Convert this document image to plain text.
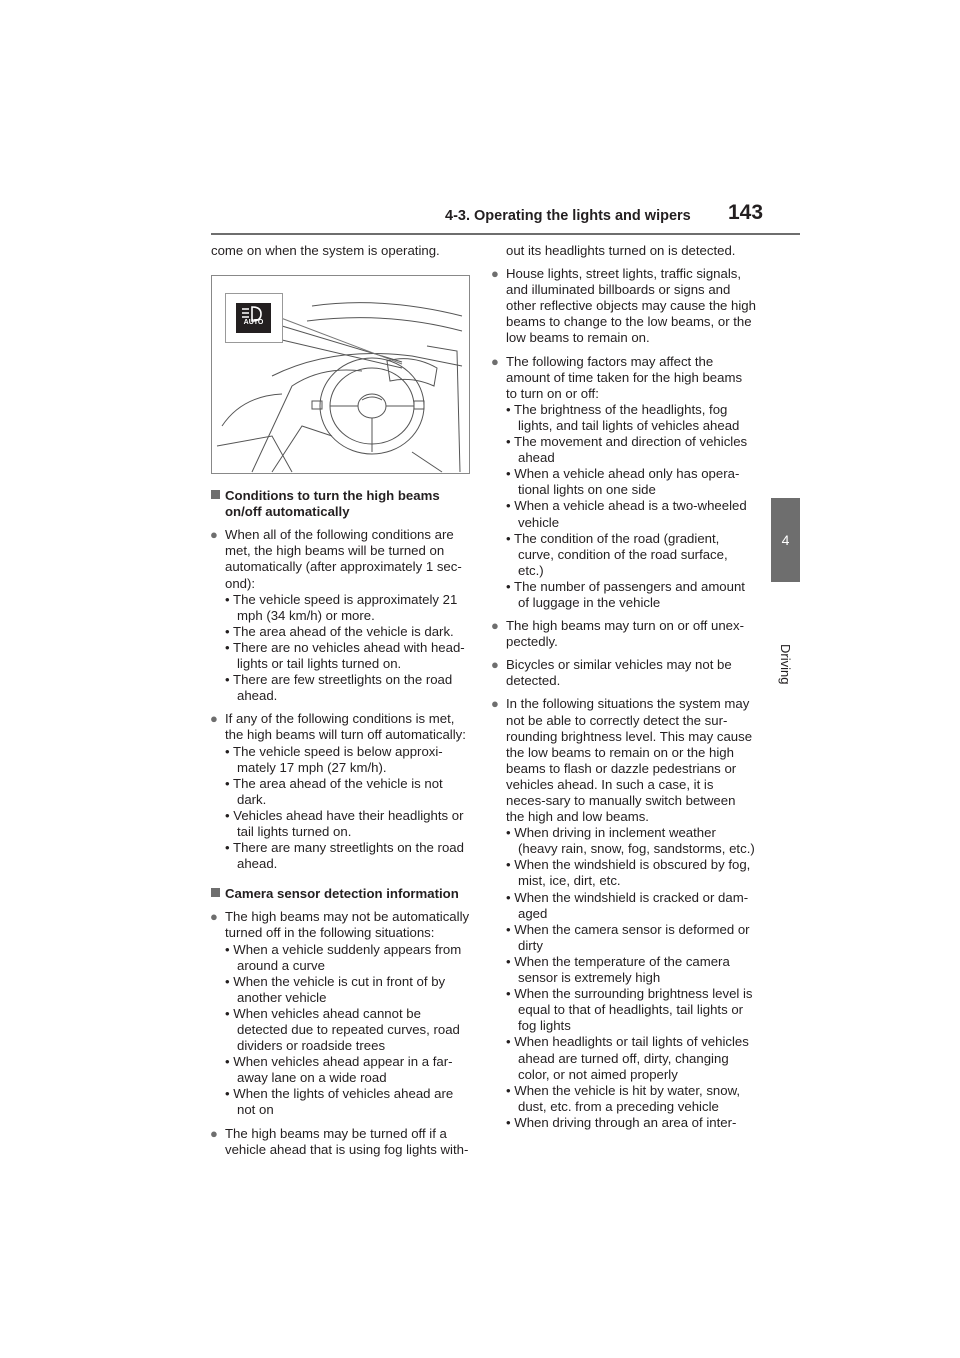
4-3. Operating the lights and wipers 143
4
Driving

come on when the system is operating.

AUTO
Conditions to turn the high beams on/off automatically
● When all of the following conditions are met, the high beams will be turned on automatically (after approximately 1 sec-ond):
• The vehicle speed is approximately 21 mph (34 km/h) or more.
• The area ahead of the vehicle is dark.
• There are no vehicles ahead with head-lights or tail lights turned on.
• There are few streetlights on the road ahead.
● If any of the following conditions is met, the high beams will turn off automatically:
• The vehicle speed is below approxi-mately 17 mph (27 km/h).
• The area ahead of the vehicle is not dark.
• Vehicles ahead have their headlights or tail lights turned on.
• There are many streetlights on the road ahead.
Camera sensor detection information
● The high beams may not be automatically turned off in the following situations:
• When a vehicle suddenly appears from around a curve
• When the vehicle is cut in front of by another vehicle
• When vehicles ahead cannot be detected due to repeated curves, road dividers or roadside trees
• When vehicles ahead appear in a far-away lane on a wide road
• When the lights of vehicles ahead are not on
● The high beams may be turned off if a vehicle ahead that is using fog lights with-

out its headlights turned on is detected.

● House lights, street lights, traffic signals, and illuminated billboards or signs and other reflective objects may cause the high beams to change to the low beams, or the low beams to remain on.
● The following factors may affect the amount of time taken for the high beams to turn on or off:
• The brightness of the headlights, fog lights, and tail lights of vehicles ahead
• The movement and direction of vehicles ahead
• When a vehicle ahead only has opera-tional lights on one side
• When a vehicle ahead is a two-wheeled vehicle
• The condition of the road (gradient, curve, condition of the road surface, etc.)
• The number of passengers and amount of luggage in the vehicle
● The high beams may turn on or off unex-pectedly.
● Bicycles or similar vehicles may not be detected.
● In the following situations the system may not be able to correctly detect the sur-rounding brightness level. This may cause the low beams to remain on or the high beams to flash or dazzle pedestrians or vehicles ahead. In such a case, it is neces-sary to manually switch between the high and low beams.
• When driving in inclement weather (heavy rain, snow, fog, sandstorms, etc.)
• When the windshield is obscured by fog, mist, ice, dirt, etc.
• When the windshield is cracked or dam-aged
• When the camera sensor is deformed or dirty
• When the temperature of the camera sensor is extremely high
• When the surrounding brightness level is equal to that of headlights, tail lights or fog lights
• When headlights or tail lights of vehicles ahead are turned off, dirty, changing color, or not aimed properly
• When the vehicle is hit by water, snow, dust, etc. from a preceding vehicle
• When driving through an area of inter-
